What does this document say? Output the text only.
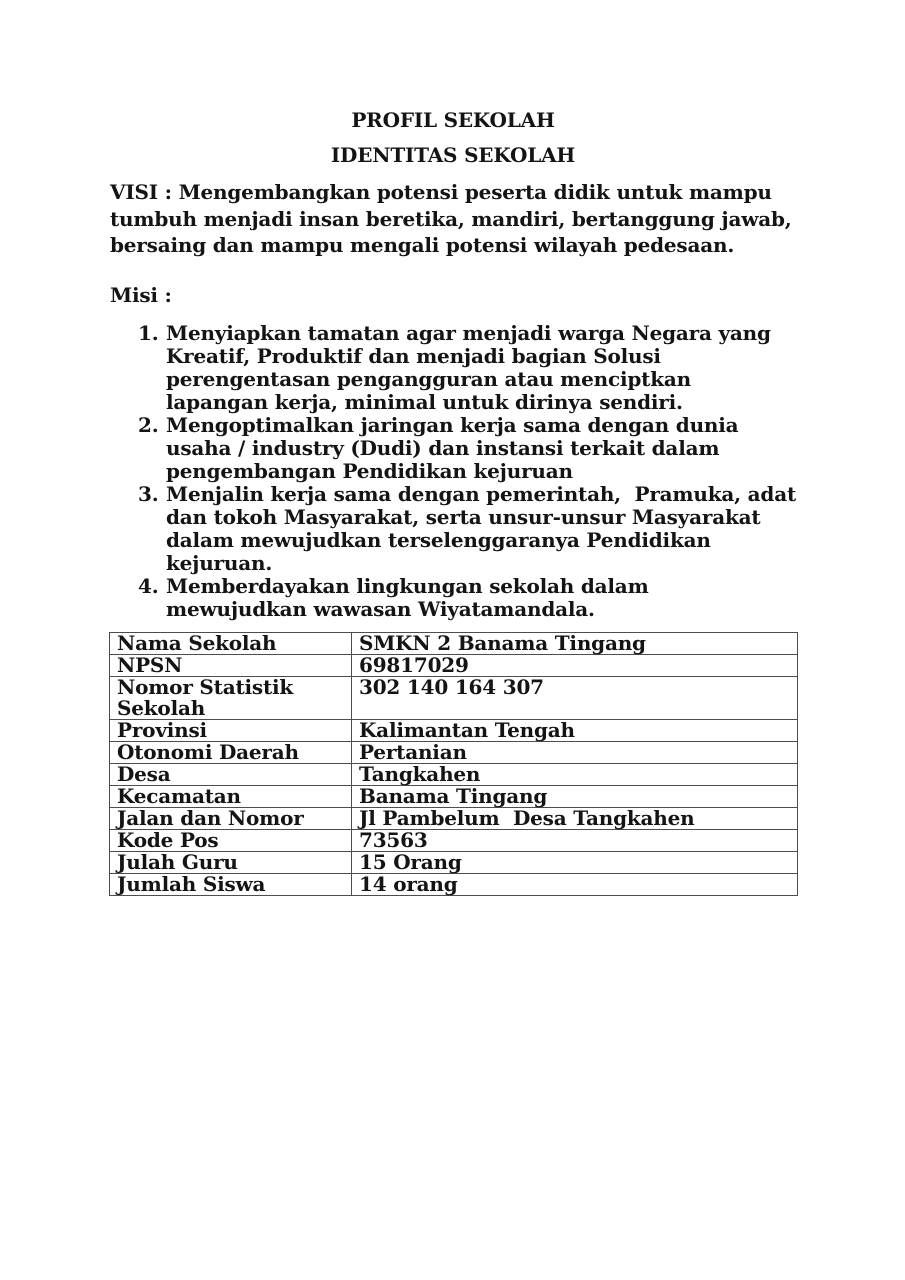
PROFIL SEKOLAH
IDENTITAS SEKOLAH

VISI : Mengembangkan potensi peserta didik untuk mampu tumbuh menjadi insan beretika, mandiri, bertanggung jawab, bersaing dan mampu mengali potensi wilayah pedesaan.

Misi :

1. Menyiapkan tamatan agar menjadi warga Negara yang Kreatif, Produktif dan menjadi bagian Solusi perengentasan pengangguran atau menciptkan lapangan kerja, minimal untuk dirinya sendiri.
2. Mengoptimalkan jaringan kerja sama dengan dunia usaha / industry (Dudi) dan instansi terkait dalam pengembangan Pendidikan kejuruan
3. Menjalin kerja sama dengan pemerintah,  Pramuka, adat dan tokoh Masyarakat, serta unsur-unsur Masyarakat dalam mewujudkan terselenggaranya Pendidikan kejuruan.
4. Memberdayakan lingkungan sekolah dalam mewujudkan wawasan Wiyatamandala.
Nama Sekolah	SMKN 2 Banama Tingang
NPSN	69817029
Nomor Statistik Sekolah	302 140 164 307
Provinsi	Kalimantan Tengah
Otonomi Daerah	Pertanian
Desa	Tangkahen
Kecamatan	Banama Tingang
Jalan dan Nomor	Jl Pambelum  Desa Tangkahen
Kode Pos	73563
Julah Guru	15 Orang
Jumlah Siswa	14 orang
